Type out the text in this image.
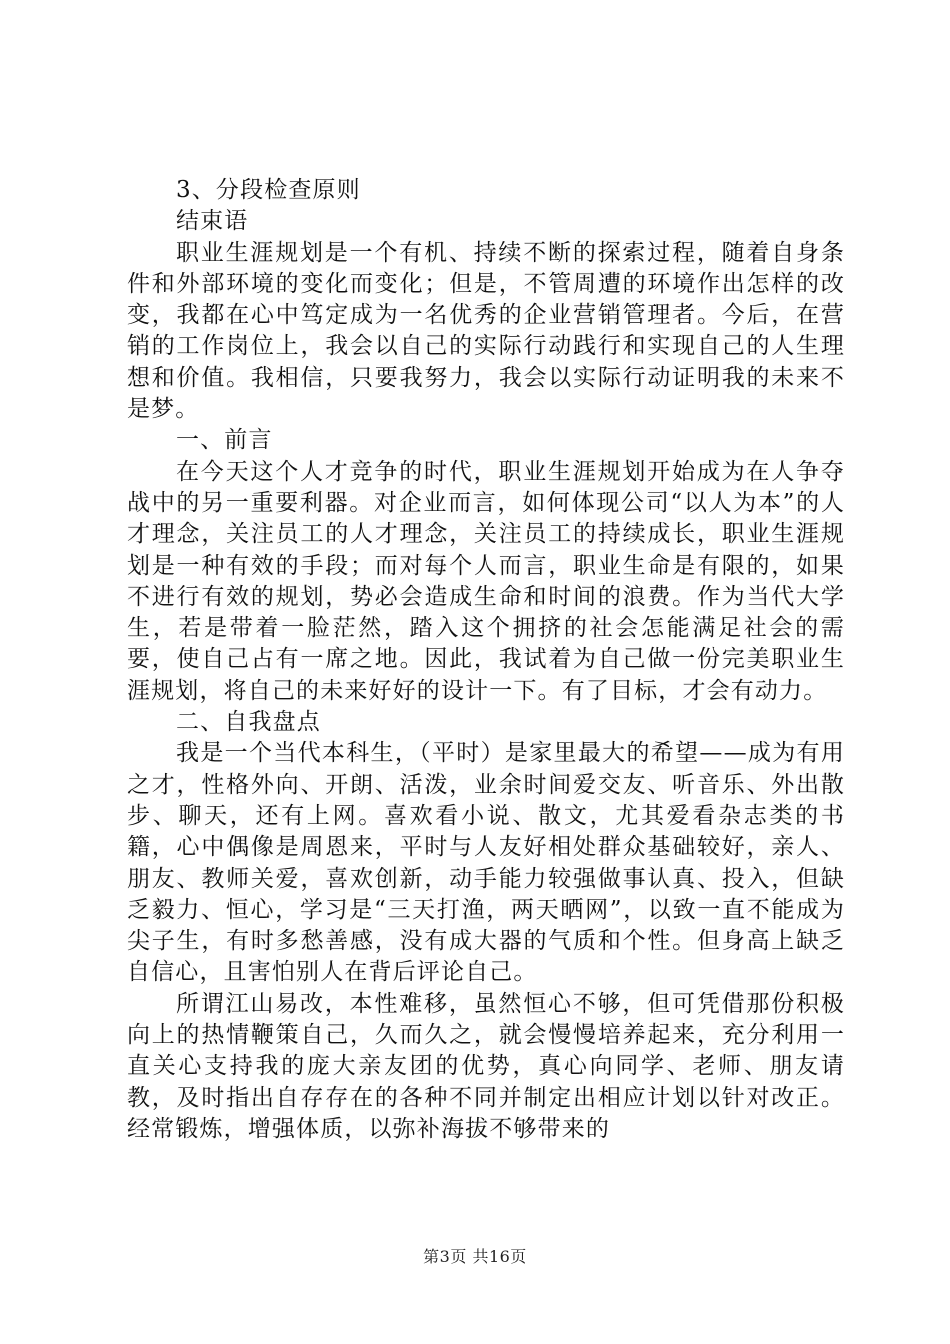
3、分段检查原则

结束语

职业生涯规划是一个有机、持续不断的探索过程，随着自身条件和外部环境的变化而变化；但是，不管周遭的环境作出怎样的改变，我都在心中笃定成为一名优秀的企业营销管理者。今后，在营销的工作岗位上，我会以自己的实际行动践行和实现自己的人生理想和价值。我相信，只要我努力，我会以实际行动证明我的未来不是梦。

一、前言

在今天这个人才竞争的时代，职业生涯规划开始成为在人争夺战中的另一重要利器。对企业而言，如何体现公司“以人为本”的人才理念，关注员工的人才理念，关注员工的持续成长，职业生涯规划是一种有效的手段；而对每个人而言，职业生命是有限的，如果不进行有效的规划，势必会造成生命和时间的浪费。作为当代大学生，若是带着一脸茫然，踏入这个拥挤的社会怎能满足社会的需要，使自己占有一席之地。因此，我试着为自己做一份完美职业生涯规划，将自己的未来好好的设计一下。有了目标，才会有动力。

二、自我盘点

我是一个当代本科生，（平时）是家里最大的希望——成为有用之才，性格外向、开朗、活泼，业余时间爱交友、听音乐、外出散步、聊天，还有上网。喜欢看小说、散文，尤其爱看杂志类的书籍，心中偶像是周恩来，平时与人友好相处群众基础较好，亲人、朋友、教师关爱，喜欢创新，动手能力较强做事认真、投入，但缺乏毅力、恒心，学习是“三天打渔，两天晒网”，以致一直不能成为尖子生，有时多愁善感，没有成大器的气质和个性。但身高上缺乏自信心，且害怕别人在背后评论自己。

所谓江山易改，本性难移，虽然恒心不够，但可凭借那份积极向上的热情鞭策自己，久而久之，就会慢慢培养起来，充分利用一直关心支持我的庞大亲友团的优势，真心向同学、老师、朋友请教，及时指出自存存在的各种不同并制定出相应计划以针对改正。经常锻炼，增强体质，以弥补海拔不够带来的

第3页 共16页
